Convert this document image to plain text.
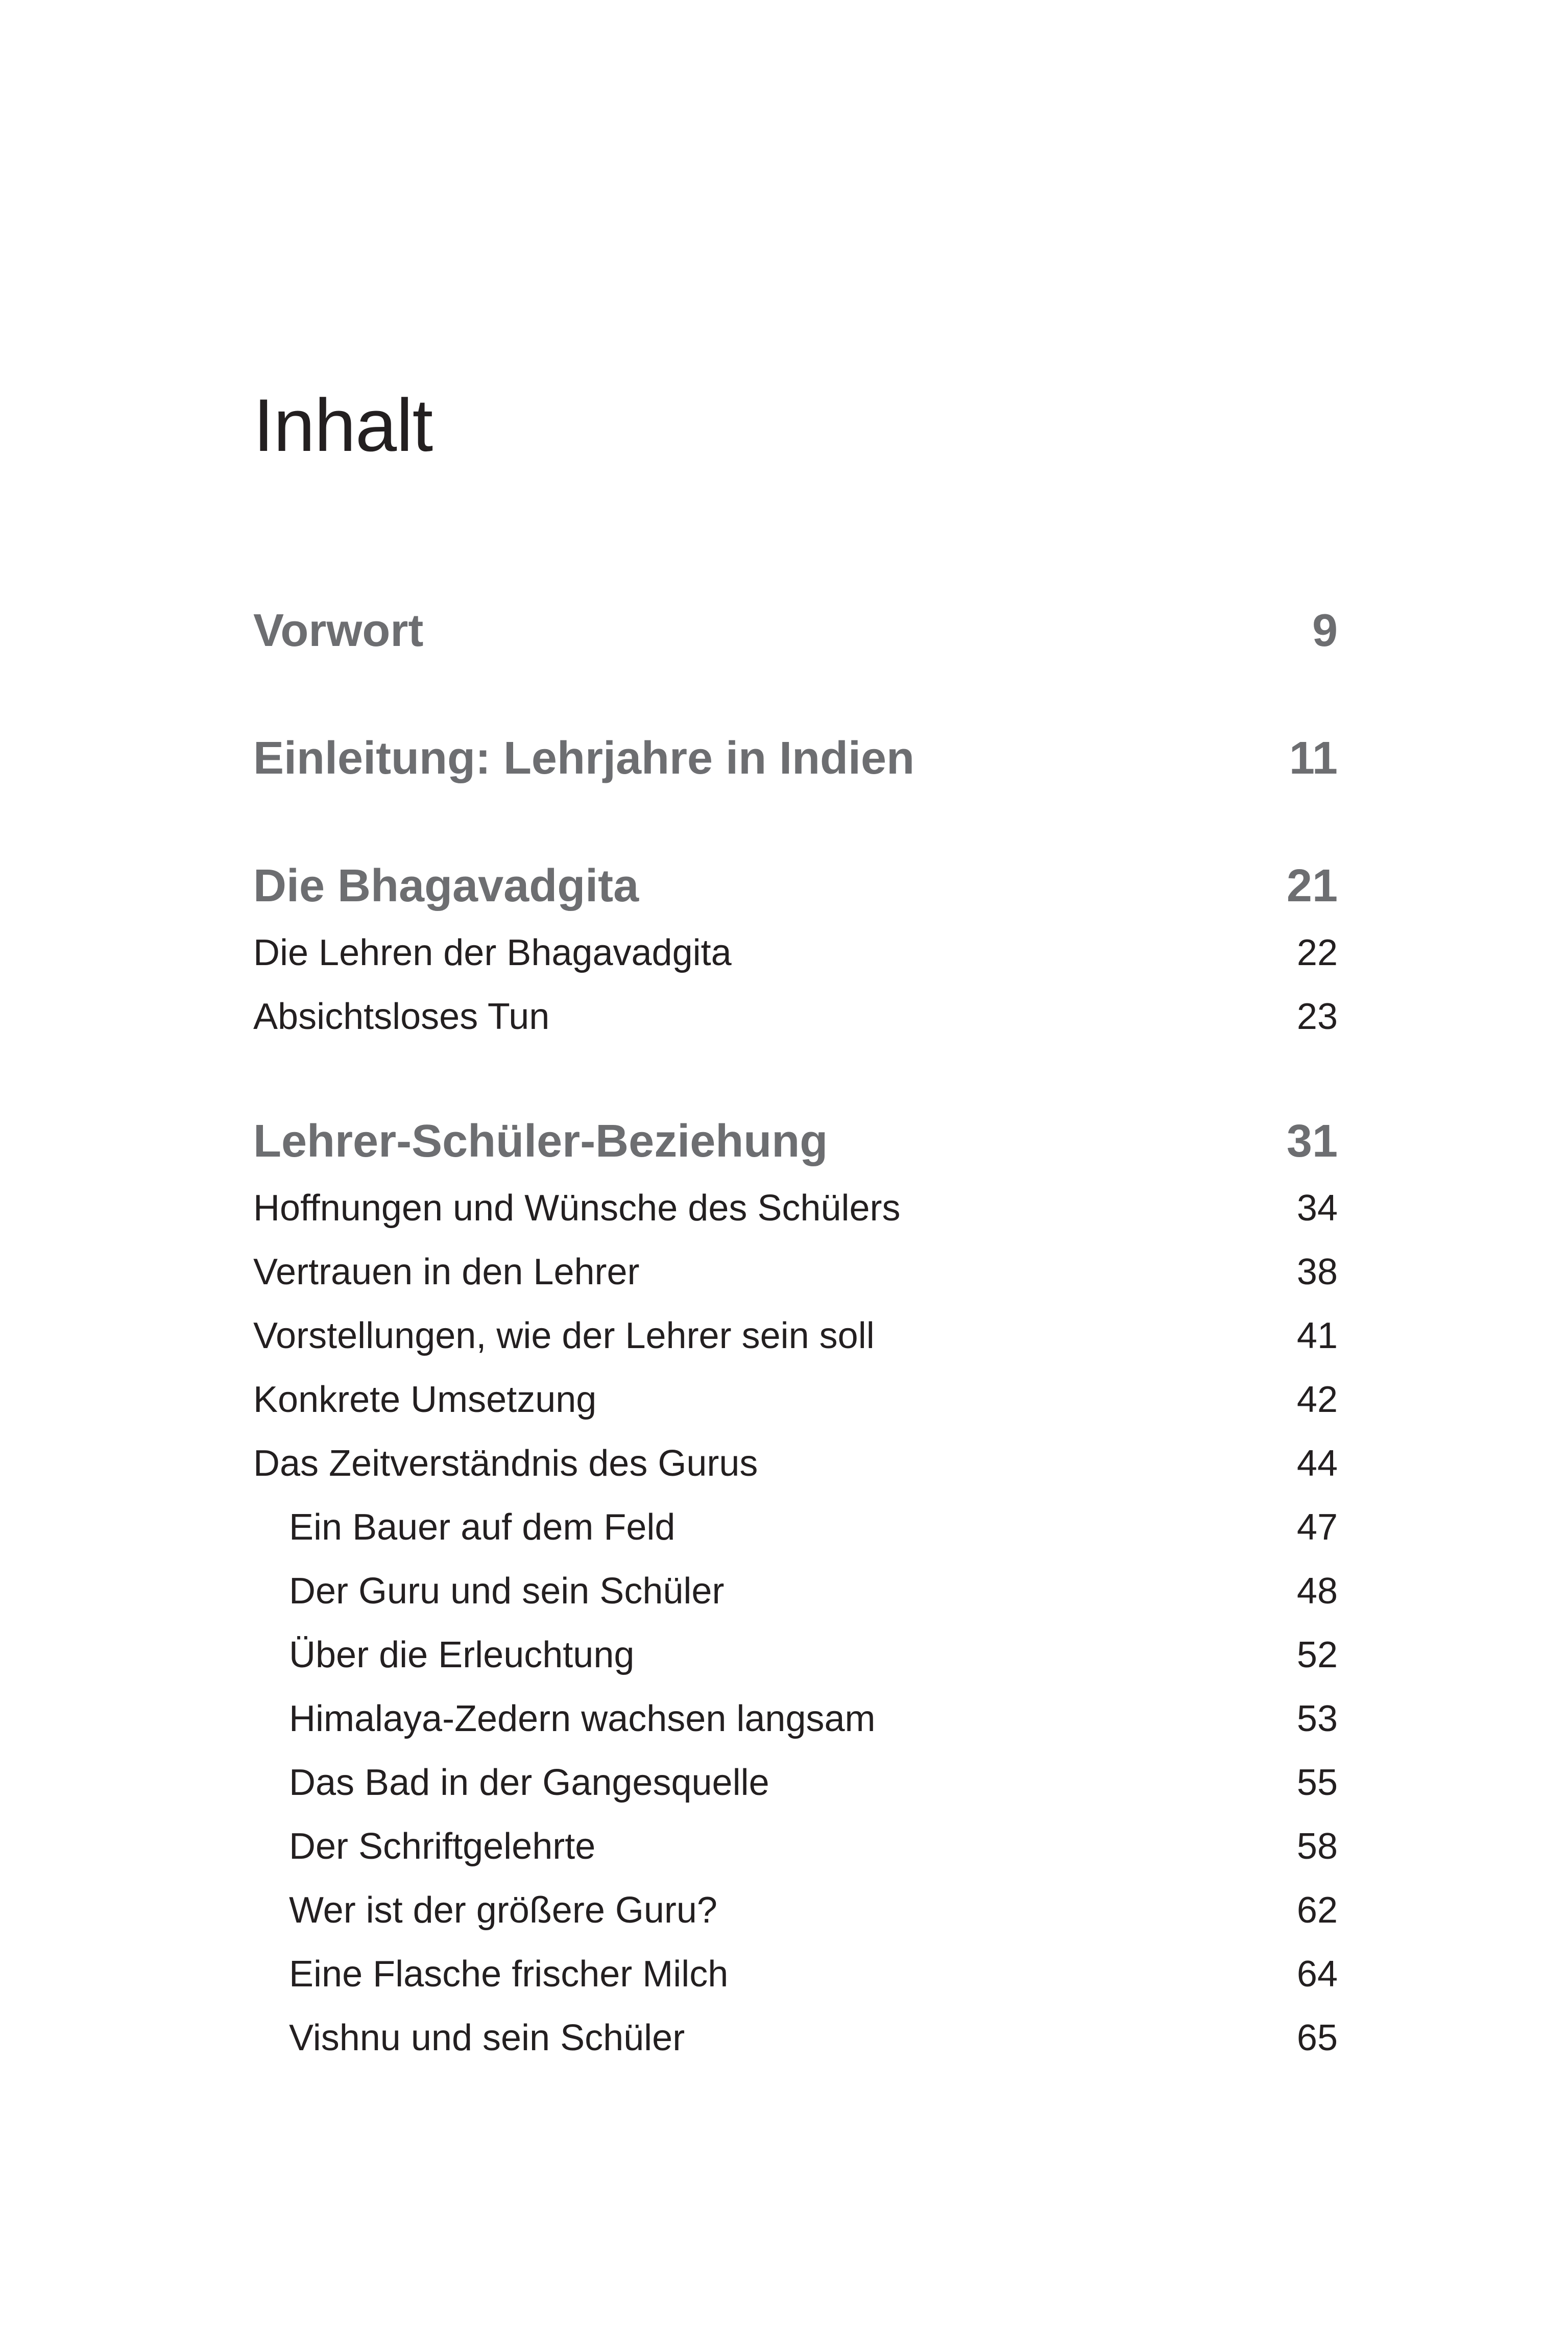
Inhalt
Vorwort	9
Einleitung: Lehrjahre in Indien	11
Die Bhagavadgita	21
Die Lehren der Bhagavadgita	22
Absichtsloses Tun	23
Lehrer-Schüler-Beziehung	31
Hoffnungen und Wünsche des Schülers	34
Vertrauen in den Lehrer	38
Vorstellungen, wie der Lehrer sein soll	41
Konkrete Umsetzung	42
Das Zeitverständnis des Gurus	44
Ein Bauer auf dem Feld	47
Der Guru und sein Schüler	48
Über die Erleuchtung	52
Himalaya-Zedern wachsen langsam	53
Das Bad in der Gangesquelle	55
Der Schriftgelehrte	58
Wer ist der größere Guru?	62
Eine Flasche frischer Milch	64
Vishnu und sein Schüler	65
